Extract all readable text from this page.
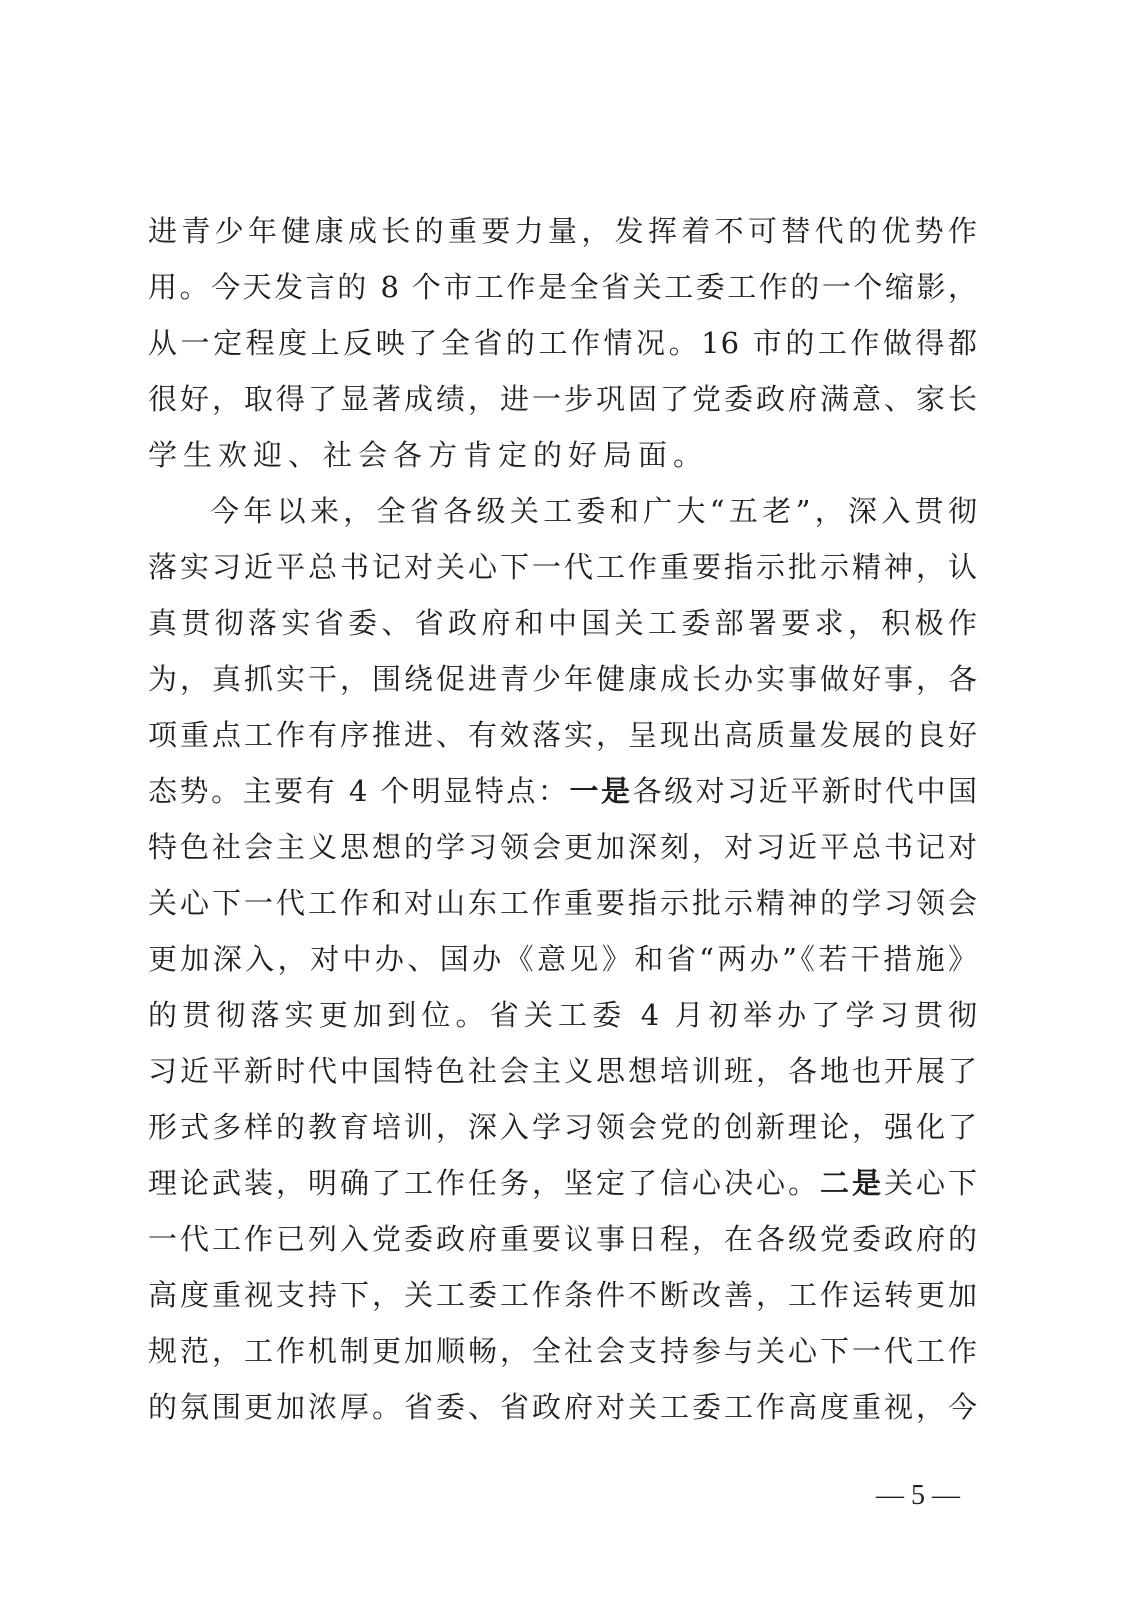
进青少年健康成长的重要力量，发挥着不可替代的优势作
用。今天发言的 8 个市工作是全省关工委工作的一个缩影，
从一定程度上反映了全省的工作情况。16 市的工作做得都
很好，取得了显著成绩，进一步巩固了党委政府满意、家长
学生欢迎、社会各方肯定的好局面。
今年以来，全省各级关工委和广大“五老”，深入贯彻
落实习近平总书记对关心下一代工作重要指示批示精神，认
真贯彻落实省委、省政府和中国关工委部署要求，积极作
为，真抓实干，围绕促进青少年健康成长办实事做好事，各
项重点工作有序推进、有效落实，呈现出高质量发展的良好
态势。主要有 4 个明显特点：一是各级对习近平新时代中国
特色社会主义思想的学习领会更加深刻，对习近平总书记对
关心下一代工作和对山东工作重要指示批示精神的学习领会
更加深入，对中办、国办《意见》和省“两办”《若干措施》
的贯彻落实更加到位。省关工委 4 月初举办了学习贯彻
习近平新时代中国特色社会主义思想培训班，各地也开展了
形式多样的教育培训，深入学习领会党的创新理论，强化了
理论武装，明确了工作任务，坚定了信心决心。二是关心下
一代工作已列入党委政府重要议事日程，在各级党委政府的
高度重视支持下，关工委工作条件不断改善，工作运转更加
规范，工作机制更加顺畅，全社会支持参与关心下一代工作
的氛围更加浓厚。省委、省政府对关工委工作高度重视，今
— 5 —
